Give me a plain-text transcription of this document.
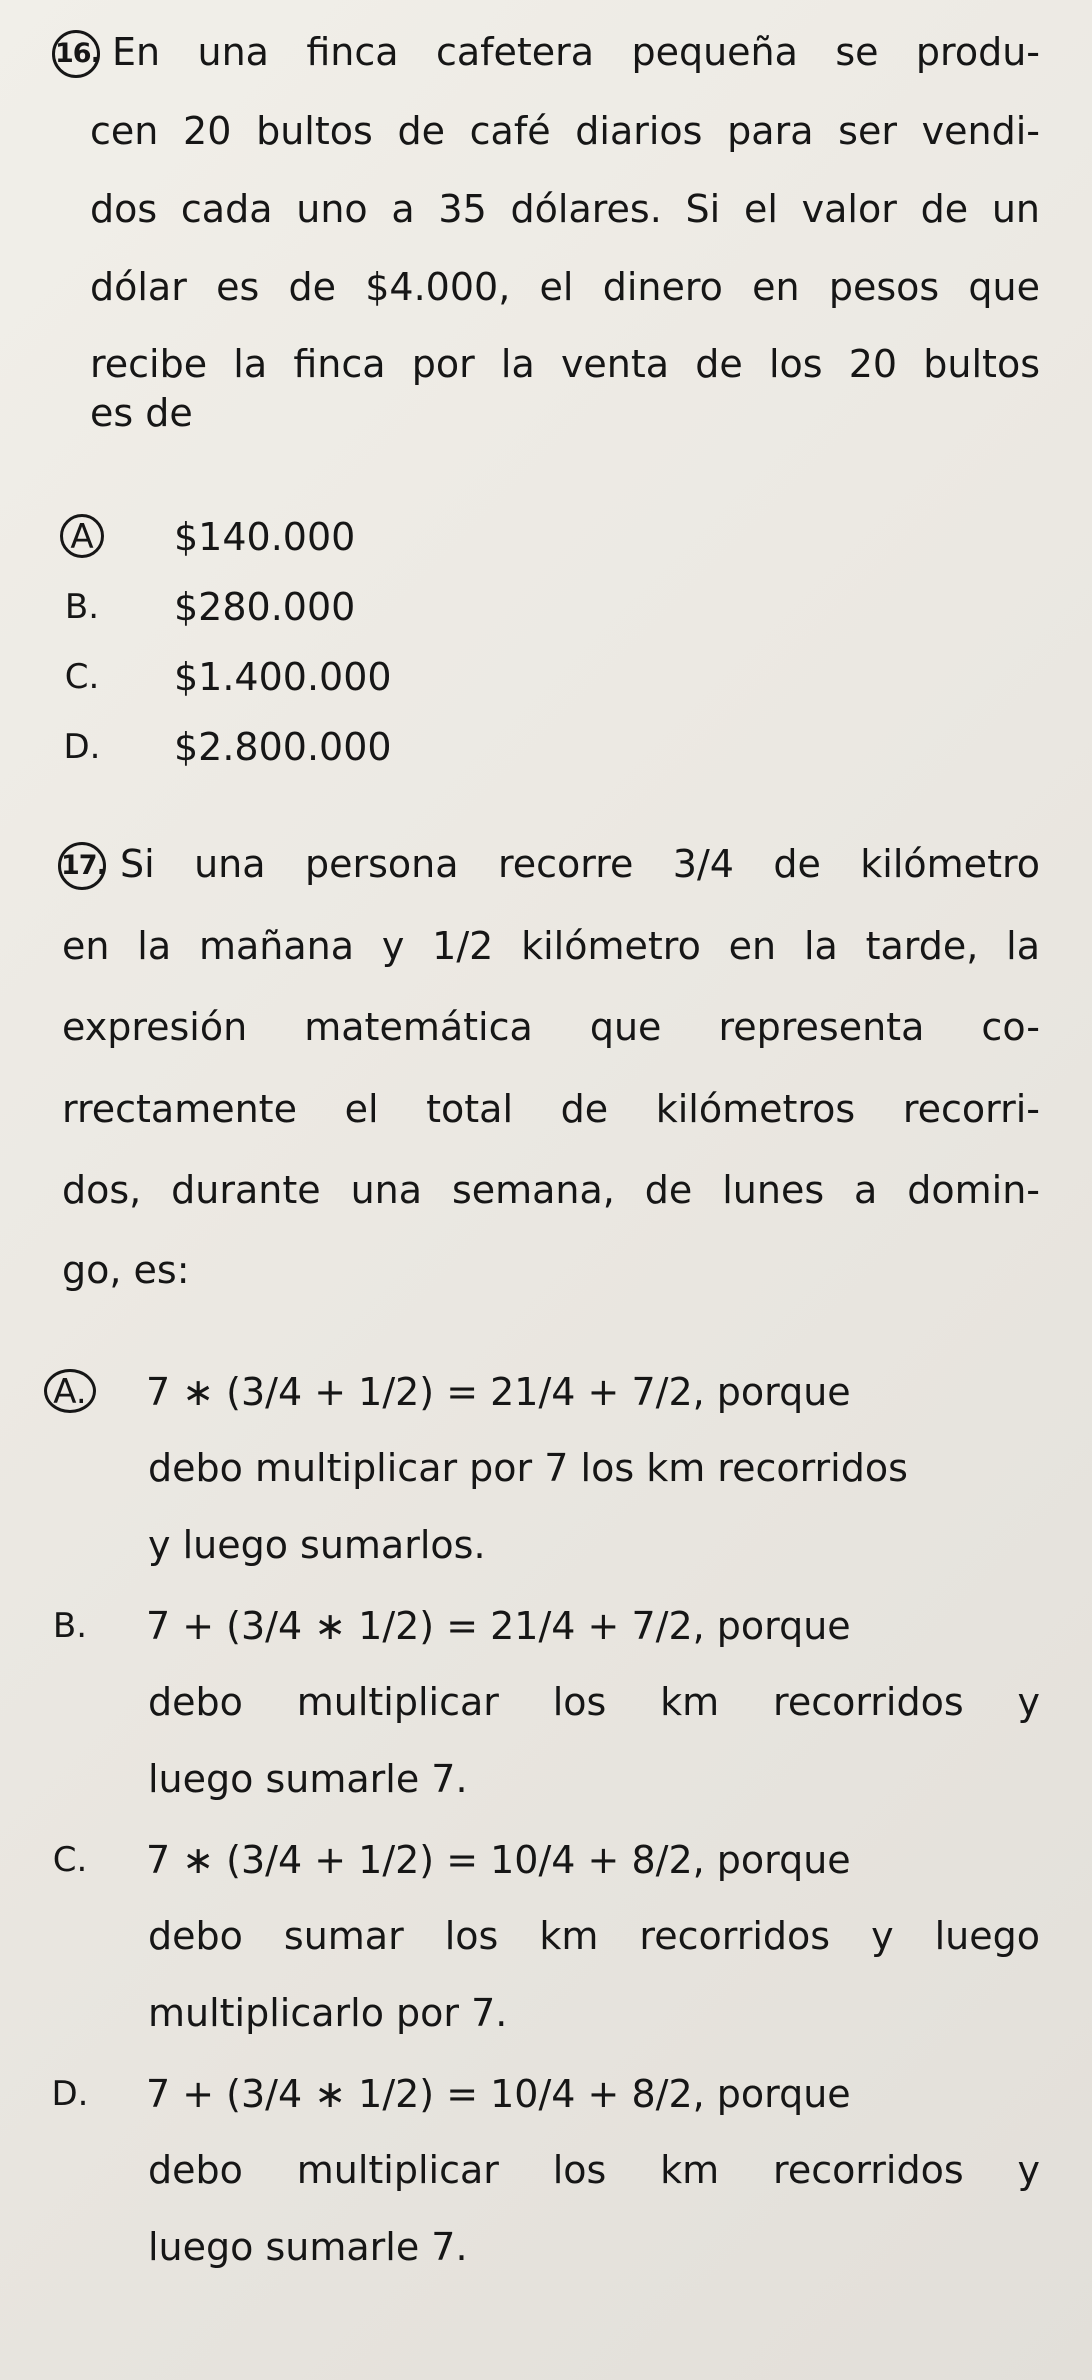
16. En una finca cafetera pequeña se produ-
cen 20 bultos de café diarios para ser vendi-
dos cada uno a 35 dólares. Si el valor de un
dólar es de $4.000, el dinero en pesos que
recibe la finca por la venta de los 20 bultos
es de
A $140.000
B. $280.000
C. $1.400.000
D. $2.800.000
17. Si una persona recorre 3/4 de kilómetro
en la mañana y 1/2 kilómetro en la tarde, la
expresión matemática que representa co-
rrectamente el total de kilómetros recorri-
dos, durante una semana, de lunes a domin-
go, es:
A. 7 ∗ (3/4 + 1/2) = 21/4 + 7/2, porque
debo multiplicar por 7 los km recorridos
y luego sumarlos.
B. 7 + (3/4 ∗ 1/2) = 21/4 + 7/2, porque
debo multiplicar los km recorridos y
luego sumarle 7.
C. 7 ∗ (3/4 + 1/2) = 10/4 + 8/2, porque
debo sumar los km recorridos y luego
multiplicarlo por 7.
D. 7 + (3/4 ∗ 1/2) = 10/4 + 8/2, porque
debo multiplicar los km recorridos y
luego sumarle 7.
